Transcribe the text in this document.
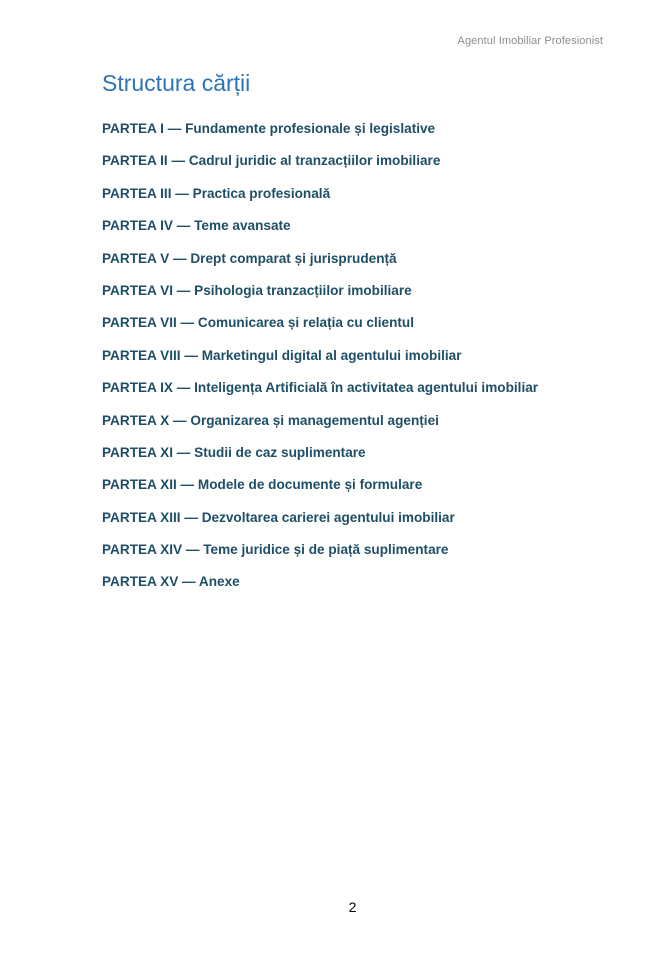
Agentul Imobiliar Profesionist
Structura cărții
PARTEA I — Fundamente profesionale și legislative
PARTEA II — Cadrul juridic al tranzacțiilor imobiliare
PARTEA III — Practica profesională
PARTEA IV — Teme avansate
PARTEA V — Drept comparat și jurisprudență
PARTEA VI — Psihologia tranzacțiilor imobiliare
PARTEA VII — Comunicarea și relația cu clientul
PARTEA VIII — Marketingul digital al agentului imobiliar
PARTEA IX — Inteligența Artificială în activitatea agentului imobiliar
PARTEA X — Organizarea și managementul agenției
PARTEA XI — Studii de caz suplimentare
PARTEA XII — Modele de documente și formulare
PARTEA XIII — Dezvoltarea carierei agentului imobiliar
PARTEA XIV — Teme juridice și de piață suplimentare
PARTEA XV — Anexe
2
